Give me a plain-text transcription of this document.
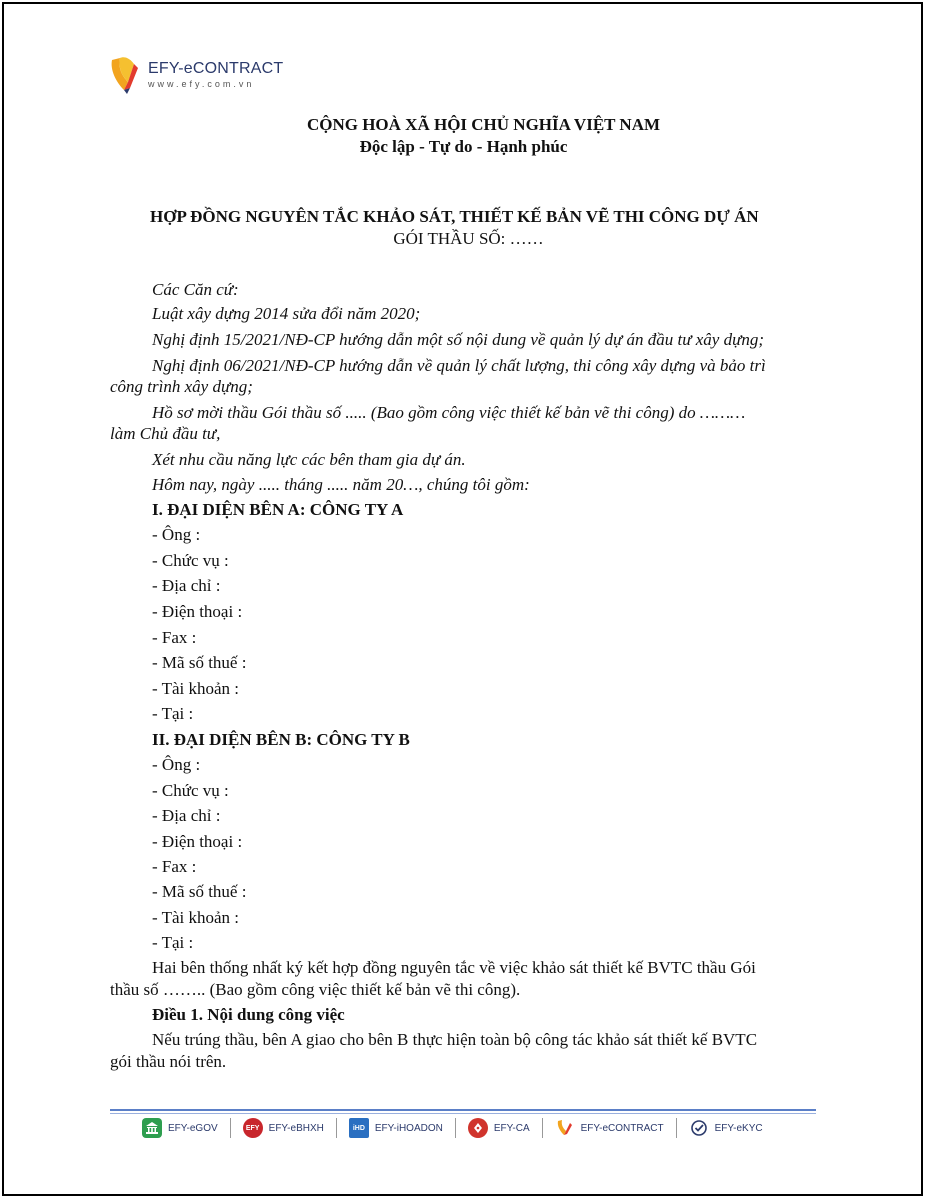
EFY-eCONTRACT
www.efy.com.vn
CỘNG HOÀ XÃ HỘI CHỦ NGHĨA VIỆT NAM
Độc lập - Tự do - Hạnh phúc
HỢP ĐỒNG NGUYÊN TẮC KHẢO SÁT, THIẾT KẾ BẢN VẼ THI CÔNG DỰ ÁN
GÓI THẦU SỐ: ……
Các Căn cứ:
Luật xây dựng 2014 sửa đổi năm 2020;
Nghị định 15/2021/NĐ-CP hướng dẫn một số nội dung về quản lý dự án đầu tư xây dựng;
Nghị định 06/2021/NĐ-CP hướng dẫn về quản lý chất lượng, thi công xây dựng và bảo trì
công trình xây dựng;
Hồ sơ mời thầu Gói thầu số ..... (Bao gồm công việc thiết kế bản vẽ thi công) do ………
làm Chủ đầu tư,
Xét nhu cầu năng lực các bên tham gia dự án.
Hôm nay, ngày ..... tháng ..... năm 20…, chúng tôi gồm:
I. ĐẠI DIỆN BÊN A: CÔNG TY A
- Ông :
- Chức vụ :
- Địa chỉ :
- Điện thoại :
- Fax :
- Mã số thuế :
- Tài khoản :
- Tại :
II. ĐẠI DIỆN BÊN B: CÔNG TY B
- Ông :
- Chức vụ :
- Địa chỉ :
- Điện thoại :
- Fax :
- Mã số thuế :
- Tài khoản :
- Tại :
Hai bên thống nhất ký kết hợp đồng nguyên tắc về việc khảo sát thiết kế BVTC thầu Gói
thầu số …….. (Bao gồm công việc thiết kế bản vẽ thi công).
Điều 1. Nội dung công việc
Nếu trúng thầu, bên A giao cho bên B thực hiện toàn bộ công tác khảo sát thiết kế BVTC
gói thầu nói trên.
EFY-eGOV	EFY EFY-eBHXH	iHD EFY-iHOADON	EFY-CA	EFY-eCONTRACT	EFY-eKYC
